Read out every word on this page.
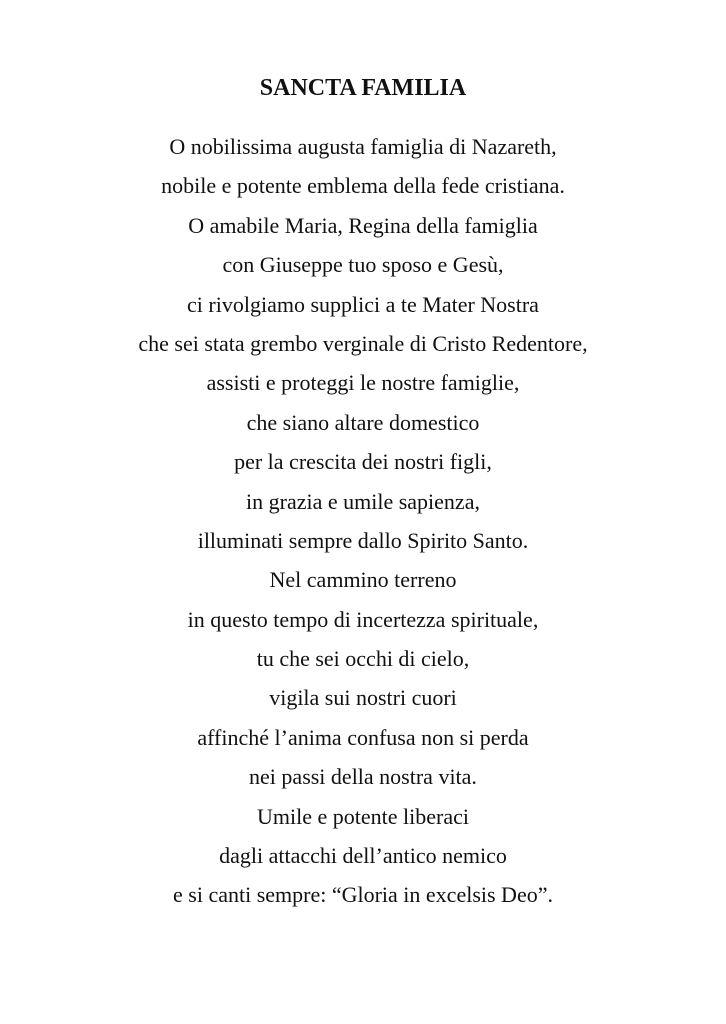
SANCTA FAMILIA
O nobilissima augusta famiglia di Nazareth,
nobile e potente emblema della fede cristiana.
O amabile Maria, Regina della famiglia
con Giuseppe tuo sposo e Gesù,
ci rivolgiamo supplici a te Mater Nostra
che sei stata grembo verginale di Cristo Redentore,
assisti e proteggi le nostre famiglie,
che siano altare domestico
per la crescita dei nostri figli,
in grazia e umile sapienza,
illuminati sempre dallo Spirito Santo.
Nel cammino terreno
in questo tempo di incertezza spirituale,
tu che sei occhi di cielo,
vigila sui nostri cuori
affinché l’anima confusa non si perda
nei passi della nostra vita.
Umile e potente liberaci
dagli attacchi dell’antico nemico
e si canti sempre: “Gloria in excelsis Deo”.
